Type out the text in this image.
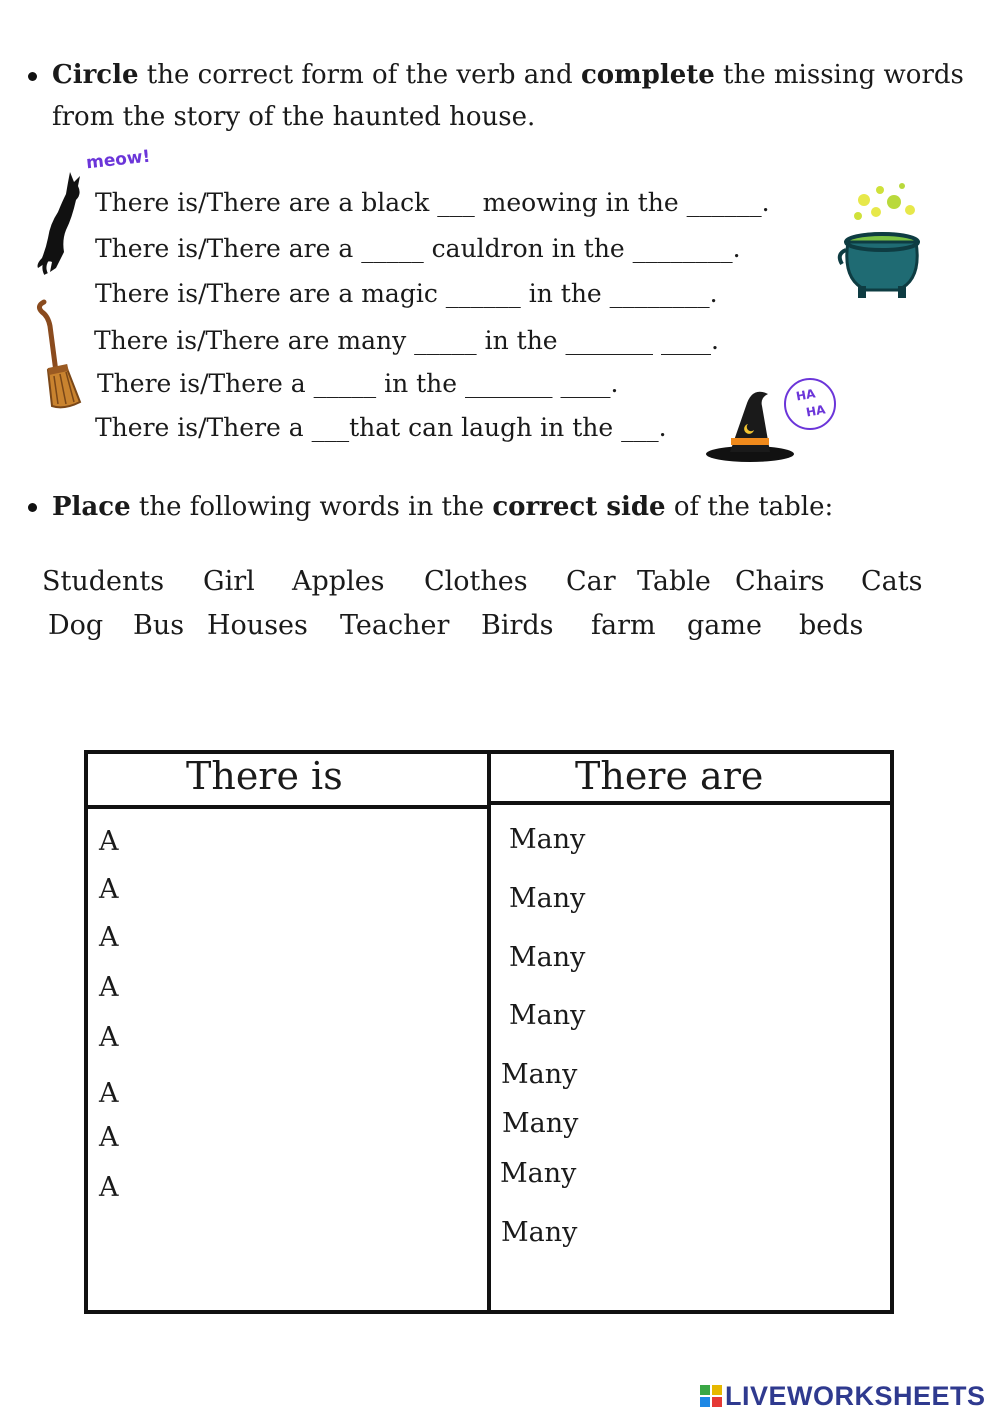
Circle the correct form of the verb and complete the missing words
from the story of the haunted house.
meow!
HA
HA
There is/There are a black ___ meowing in the ______.
There is/There are a _____ cauldron in the ________.
There is/There are a magic ______ in the ________.
There is/There are many _____ in the _______ ____.
There is/There a _____ in the _______ ____.
There is/There a ___that can laugh in the ___.
Place the following words in the correct side of the table:
Students Girl Apples Clothes Car Table Chairs Cats
Dog Bus Houses Teacher Birds farm game beds
There is	There are
A
A
A
A
A
A
A
A
Many
Many
Many
Many
Many
Many
Many
Many
LIVEWORKSHEETS
